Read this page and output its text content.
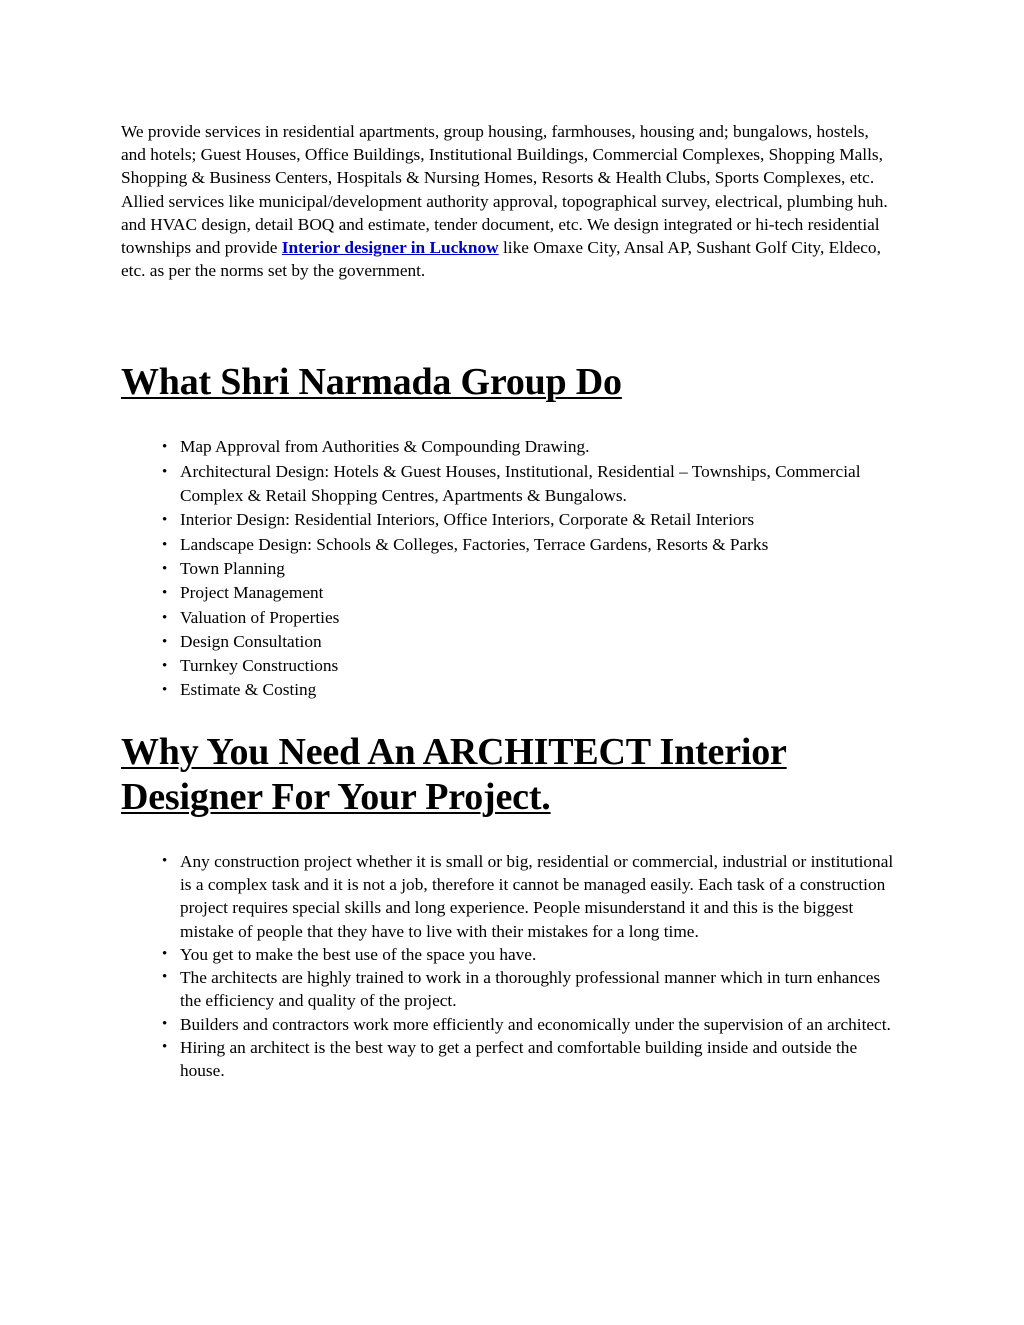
We provide services in residential apartments, group housing, farmhouses, housing and; bungalows, hostels, and hotels; Guest Houses, Office Buildings, Institutional Buildings, Commercial Complexes, Shopping Malls, Shopping & Business Centers, Hospitals & Nursing Homes, Resorts & Health Clubs, Sports Complexes, etc. Allied services like municipal/development authority approval, topographical survey, electrical, plumbing huh. and HVAC design, detail BOQ and estimate, tender document, etc. We design integrated or hi-tech residential townships and provide Interior designer in Lucknow like Omaxe City, Ansal AP, Sushant Golf City, Eldeco, etc. as per the norms set by the government.

What Shri Narmada Group Do
• Map Approval from Authorities & Compounding Drawing.
• Architectural Design: Hotels & Guest Houses, Institutional, Residential – Townships, Commercial Complex & Retail Shopping Centres, Apartments & Bungalows.
• Interior Design: Residential Interiors, Office Interiors, Corporate & Retail Interiors
• Landscape Design: Schools & Colleges, Factories, Terrace Gardens, Resorts & Parks
• Town Planning
• Project Management
• Valuation of Properties
• Design Consultation
• Turnkey Constructions
• Estimate & Costing
Why You Need An ARCHITECT Interior Designer For Your Project.
• Any construction project whether it is small or big, residential or commercial, industrial or institutional is a complex task and it is not a job, therefore it cannot be managed easily. Each task of a construction project requires special skills and long experience. People misunderstand it and this is the biggest mistake of people that they have to live with their mistakes for a long time.
• You get to make the best use of the space you have.
• The architects are highly trained to work in a thoroughly professional manner which in turn enhances the efficiency and quality of the project.
• Builders and contractors work more efficiently and economically under the supervision of an architect.
• Hiring an architect is the best way to get a perfect and comfortable building inside and outside the house.
